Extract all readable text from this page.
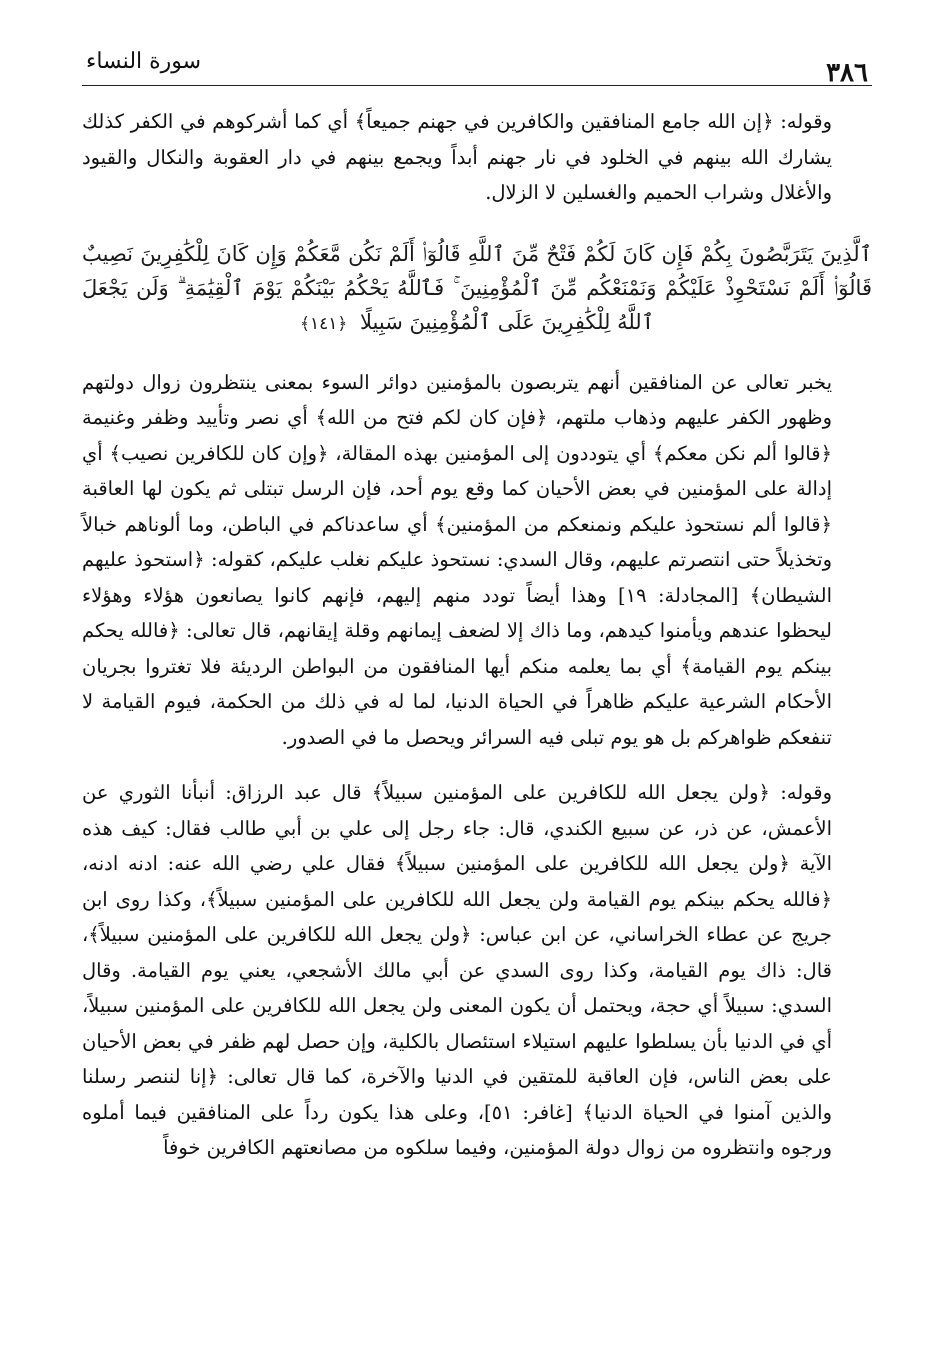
٣٨٦
سورة النساء

وقوله: ﴿إن الله جامع المنافقين والكافرين في جهنم جميعاً﴾ أي كما أشركوهم في الكفر كذلك يشارك الله بينهم في الخلود في نار جهنم أبداً ويجمع بينهم في دار العقوبة والنكال والقيود والأغلال وشراب الحميم والغسلين لا الزلال.

ٱلَّذِينَ يَتَرَبَّصُونَ بِكُمْ فَإِن كَانَ لَكُمْ فَتْحٌ مِّنَ ٱللَّهِ قَالُوٓا۟ أَلَمْ نَكُن مَّعَكُمْ وَإِن كَانَ لِلْكَٰفِرِينَ نَصِيبٌ قَالُوٓا۟ أَلَمْ نَسْتَحْوِذْ عَلَيْكُمْ وَنَمْنَعْكُم مِّنَ ٱلْمُؤْمِنِينَ ۚ فَٱللَّهُ يَحْكُمُ بَيْنَكُمْ يَوْمَ ٱلْقِيَٰمَةِ ۗ وَلَن يَجْعَلَ ٱللَّهُ لِلْكَٰفِرِينَ عَلَى ٱلْمُؤْمِنِينَ سَبِيلًا ﴿١٤١﴾

يخبر تعالى عن المنافقين أنهم يتربصون بالمؤمنين دوائر السوء بمعنى ينتظرون زوال دولتهم وظهور الكفر عليهم وذهاب ملتهم، ﴿فإن كان لكم فتح من الله﴾ أي نصر وتأييد وظفر وغنيمة ﴿قالوا ألم نكن معكم﴾ أي يتوددون إلى المؤمنين بهذه المقالة، ﴿وإن كان للكافرين نصيب﴾ أي إدالة على المؤمنين في بعض الأحيان كما وقع يوم أحد، فإن الرسل تبتلى ثم يكون لها العاقبة ﴿قالوا ألم نستحوذ عليكم ونمنعكم من المؤمنين﴾ أي ساعدناكم في الباطن، وما ألوناهم خبالاً وتخذيلاً حتى انتصرتم عليهم، وقال السدي: نستحوذ عليكم نغلب عليكم، كقوله: ﴿استحوذ عليهم الشيطان﴾ [المجادلة: ١٩] وهذا أيضاً تودد منهم إليهم، فإنهم كانوا يصانعون هؤلاء وهؤلاء ليحظوا عندهم ويأمنوا كيدهم، وما ذاك إلا لضعف إيمانهم وقلة إيقانهم، قال تعالى: ﴿فالله يحكم بينكم يوم القيامة﴾ أي بما يعلمه منكم أيها المنافقون من البواطن الرديئة فلا تغتروا بجريان الأحكام الشرعية عليكم ظاهراً في الحياة الدنيا، لما له في ذلك من الحكمة، فيوم القيامة لا تنفعكم ظواهركم بل هو يوم تبلى فيه السرائر ويحصل ما في الصدور.

وقوله: ﴿ولن يجعل الله للكافرين على المؤمنين سبيلاً﴾ قال عبد الرزاق: أنبأنا الثوري عن الأعمش، عن ذر، عن سبيع الكندي، قال: جاء رجل إلى علي بن أبي طالب فقال: كيف هذه الآية ﴿ولن يجعل الله للكافرين على المؤمنين سبيلاً﴾ فقال علي رضي الله عنه: ادنه ادنه، ﴿فالله يحكم بينكم يوم القيامة ولن يجعل الله للكافرين على المؤمنين سبيلاً﴾، وكذا روى ابن جريج عن عطاء الخراساني، عن ابن عباس: ﴿ولن يجعل الله للكافرين على المؤمنين سبيلاً﴾، قال: ذاك يوم القيامة، وكذا روى السدي عن أبي مالك الأشجعي، يعني يوم القيامة. وقال السدي: سبيلاً أي حجة، ويحتمل أن يكون المعنى ولن يجعل الله للكافرين على المؤمنين سبيلاً، أي في الدنيا بأن يسلطوا عليهم استيلاء استئصال بالكلية، وإن حصل لهم ظفر في بعض الأحيان على بعض الناس، فإن العاقبة للمتقين في الدنيا والآخرة، كما قال تعالى: ﴿إنا لننصر رسلنا والذين آمنوا في الحياة الدنيا﴾ [غافر: ٥١]، وعلى هذا يكون رداً على المنافقين فيما أملوه ورجوه وانتظروه من زوال دولة المؤمنين، وفيما سلكوه من مصانعتهم الكافرين خوفاً
